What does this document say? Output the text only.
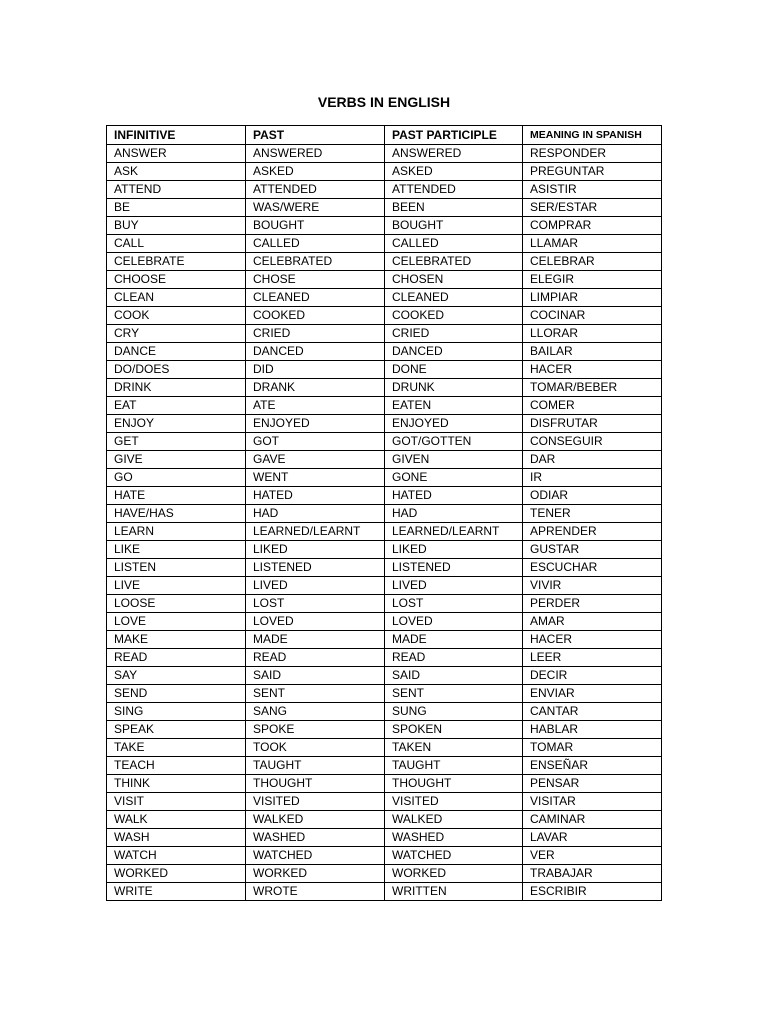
VERBS IN ENGLISH
INFINITIVE	PAST	PAST PARTICIPLE	MEANING IN SPANISH
ANSWER	ANSWERED	ANSWERED	RESPONDER
ASK	ASKED	ASKED	PREGUNTAR
ATTEND	ATTENDED	ATTENDED	ASISTIR
BE	WAS/WERE	BEEN	SER/ESTAR
BUY	BOUGHT	BOUGHT	COMPRAR
CALL	CALLED	CALLED	LLAMAR
CELEBRATE	CELEBRATED	CELEBRATED	CELEBRAR
CHOOSE	CHOSE	CHOSEN	ELEGIR
CLEAN	CLEANED	CLEANED	LIMPIAR
COOK	COOKED	COOKED	COCINAR
CRY	CRIED	CRIED	LLORAR
DANCE	DANCED	DANCED	BAILAR
DO/DOES	DID	DONE	HACER
DRINK	DRANK	DRUNK	TOMAR/BEBER
EAT	ATE	EATEN	COMER
ENJOY	ENJOYED	ENJOYED	DISFRUTAR
GET	GOT	GOT/GOTTEN	CONSEGUIR
GIVE	GAVE	GIVEN	DAR
GO	WENT	GONE	IR
HATE	HATED	HATED	ODIAR
HAVE/HAS	HAD	HAD	TENER
LEARN	LEARNED/LEARNT	LEARNED/LEARNT	APRENDER
LIKE	LIKED	LIKED	GUSTAR
LISTEN	LISTENED	LISTENED	ESCUCHAR
LIVE	LIVED	LIVED	VIVIR
LOOSE	LOST	LOST	PERDER
LOVE	LOVED	LOVED	AMAR
MAKE	MADE	MADE	HACER
READ	READ	READ	LEER
SAY	SAID	SAID	DECIR
SEND	SENT	SENT	ENVIAR
SING	SANG	SUNG	CANTAR
SPEAK	SPOKE	SPOKEN	HABLAR
TAKE	TOOK	TAKEN	TOMAR
TEACH	TAUGHT	TAUGHT	ENSEÑAR
THINK	THOUGHT	THOUGHT	PENSAR
VISIT	VISITED	VISITED	VISITAR
WALK	WALKED	WALKED	CAMINAR
WASH	WASHED	WASHED	LAVAR
WATCH	WATCHED	WATCHED	VER
WORKED	WORKED	WORKED	TRABAJAR
WRITE	WROTE	WRITTEN	ESCRIBIR
